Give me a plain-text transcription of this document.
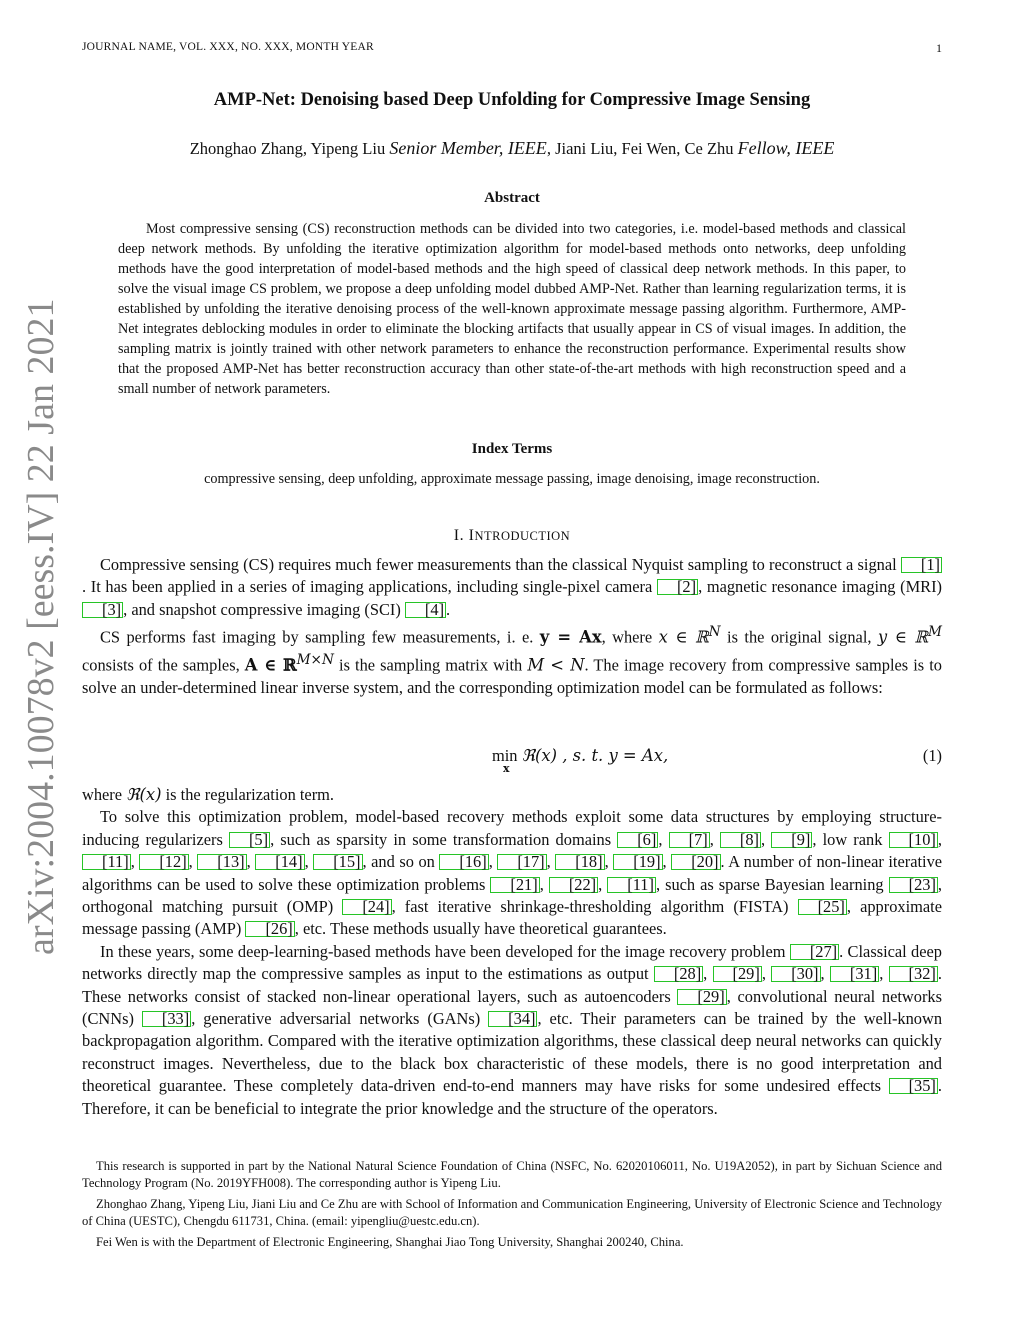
JOURNAL NAME, VOL. XXX, NO. XXX, MONTH YEAR	1
arXiv:2004.10078v2 [eess.IV] 22 Jan 2021
AMP-Net: Denoising based Deep Unfolding for Compressive Image Sensing
Zhonghao Zhang, Yipeng Liu Senior Member, IEEE, Jiani Liu, Fei Wen, Ce Zhu Fellow, IEEE
Abstract
Most compressive sensing (CS) reconstruction methods can be divided into two categories, i.e. model-based methods and classical deep network methods. By unfolding the iterative optimization algorithm for model-based methods onto networks, deep unfolding methods have the good interpretation of model-based methods and the high speed of classical deep network methods. In this paper, to solve the visual image CS problem, we propose a deep unfolding model dubbed AMP-Net. Rather than learning regularization terms, it is established by unfolding the iterative denoising process of the well-known approximate message passing algorithm. Furthermore, AMP-Net integrates deblocking modules in order to eliminate the blocking artifacts that usually appear in CS of visual images. In addition, the sampling matrix is jointly trained with other network parameters to enhance the reconstruction performance. Experimental results show that the proposed AMP-Net has better reconstruction accuracy than other state-of-the-art methods with high reconstruction speed and a small number of network parameters.
Index Terms
compressive sensing, deep unfolding, approximate message passing, image denoising, image reconstruction.
I. INTRODUCTION

Compressive sensing (CS) requires much fewer measurements than the classical Nyquist sampling to reconstruct a signal [1]. It has been applied in a series of imaging applications, including single-pixel camera [2] , magnetic resonance imaging (MRI) [3] , and snapshot compressive imaging (SCI) [4] .

CS performs fast imaging by sampling few measurements, i. e. y = Ax, where x ∈ ℝ$^N$ is the original signal, y ∈ ℝ$^M$ consists of the samples, A ∈ ℝ$^{M\times N}$ is the sampling matrix with M < N. The image recovery from compressive samples is to solve an under-determined linear inverse system, and the corresponding optimization model can be formulated as follows:

min
x
ℜ(x) , s. t. y = Ax,	(1)

where ℜ(x) is the regularization term.

To solve this optimization problem, model-based recovery methods exploit some data structures by employing structure-inducing regularizers [5] , such as sparsity in some transformation domains [6] , [7] , [8] , [9] , low rank [10] , [11] , [12] , [13] , [14] , [15] , and so on [16] , [17] , [18] , [19] , [20] . A number of non-linear iterative algorithms can be used to solve these optimization problems [21] , [22] , [11] , such as sparse Bayesian learning [23] , orthogonal matching pursuit (OMP) [24] , fast iterative shrinkage-thresholding algorithm (FISTA) [25] , approximate message passing (AMP) [26] , etc. These methods usually have theoretical guarantees.

In these years, some deep-learning-based methods have been developed for the image recovery problem [27] . Classical deep networks directly map the compressive samples as input to the estimations as output [28] , [29] , [30] , [31] , [32] . These networks consist of stacked non-linear operational layers, such as autoencoders [29] , convolutional neural networks (CNNs) [33] , generative adversarial networks (GANs) [34] , etc. Their parameters can be trained by the well-known backpropagation algorithm. Compared with the iterative optimization algorithms, these classical deep neural networks can quickly reconstruct images. Nevertheless, due to the black box characteristic of these models, there is no good interpretation and theoretical guarantee. These completely data-driven end-to-end manners may have risks for some undesired effects [35] . Therefore, it can be beneficial to integrate the prior knowledge and the structure of the operators.

This research is supported in part by the National Natural Science Foundation of China (NSFC, No. 62020106011, No. U19A2052), in part by Sichuan Science and Technology Program (No. 2019YFH008). The corresponding author is Yipeng Liu.

Zhonghao Zhang, Yipeng Liu, Jiani Liu and Ce Zhu are with School of Information and Communication Engineering, University of Electronic Science and Technology of China (UESTC), Chengdu 611731, China. (email: yipengliu@uestc.edu.cn).

Fei Wen is with the Department of Electronic Engineering, Shanghai Jiao Tong University, Shanghai 200240, China.
